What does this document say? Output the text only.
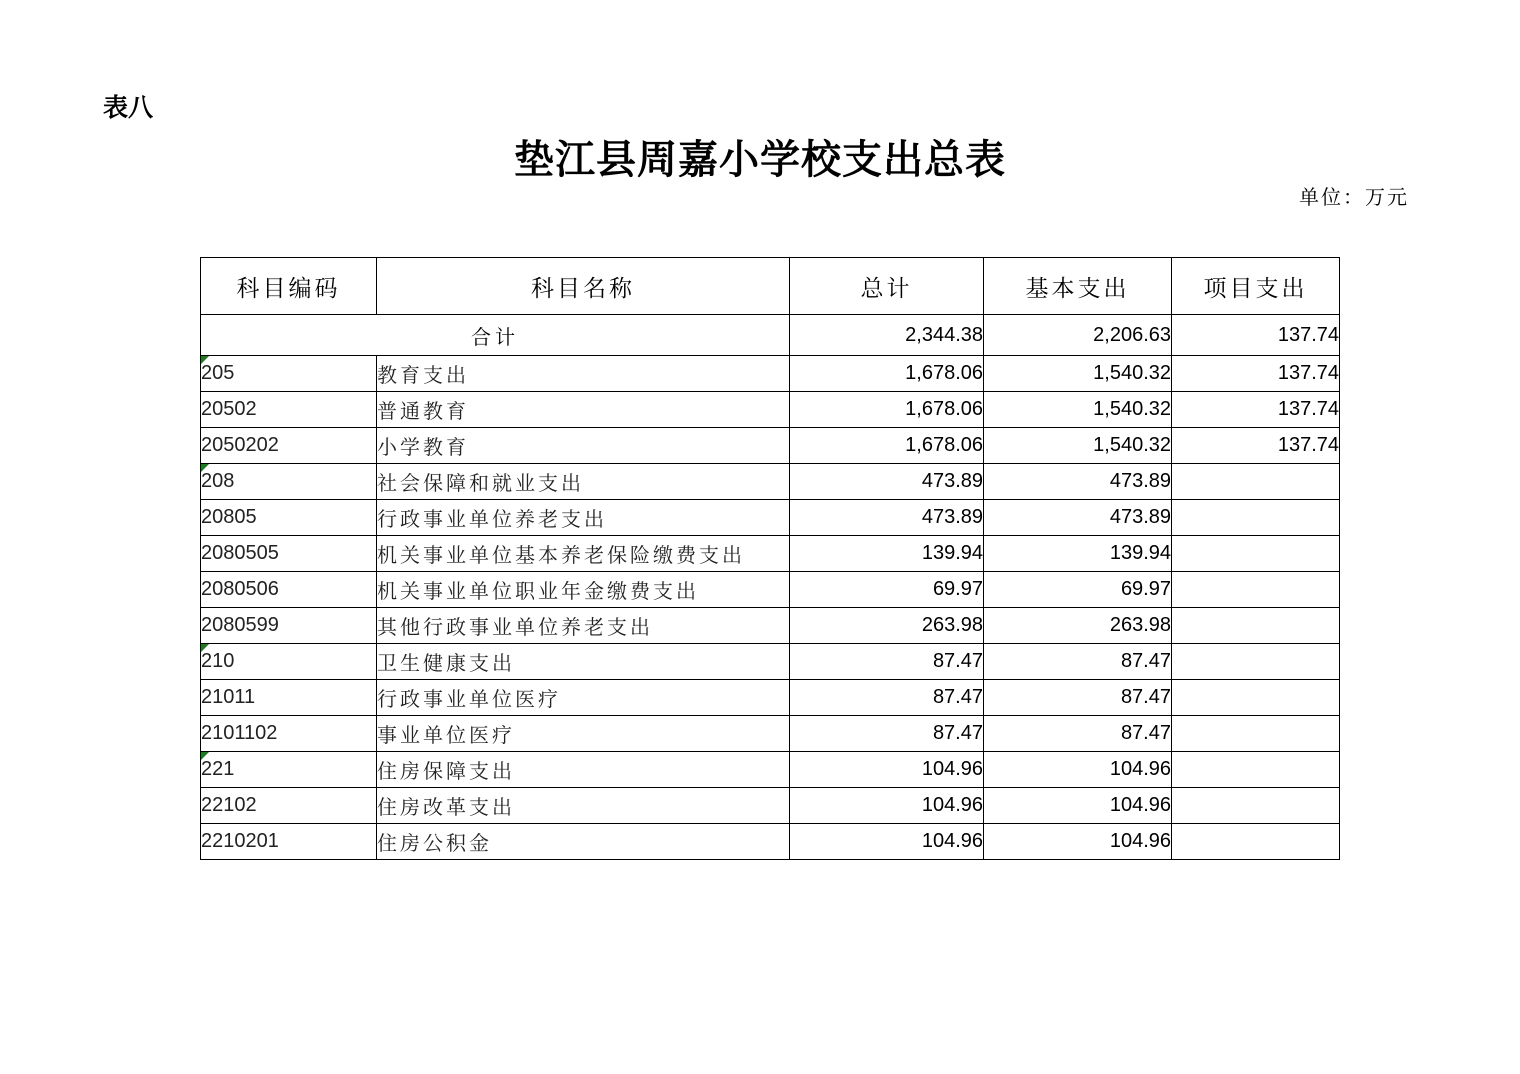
表八
垫江县周嘉小学校支出总表
单位：万元
科目编码	科目名称	总计	基本支出	项目支出
合计		2,344.38	2,206.63	137.74

205	教育支出	1,678.06	1,540.32	137.74
20502	普通教育	1,678.06	1,540.32	137.74
2050202	小学教育	1,678.06	1,540.32	137.74

208	社会保障和就业支出	473.89	473.89	
20805	行政事业单位养老支出	473.89	473.89	
2080505	机关事业单位基本养老保险缴费支出	139.94	139.94	
2080506	机关事业单位职业年金缴费支出	69.97	69.97	
2080599	其他行政事业单位养老支出	263.98	263.98	

210	卫生健康支出	87.47	87.47	
21011	行政事业单位医疗	87.47	87.47	
2101102	事业单位医疗	87.47	87.47	

221	住房保障支出	104.96	104.96	
22102	住房改革支出	104.96	104.96	
2210201	住房公积金	104.96	104.96	
